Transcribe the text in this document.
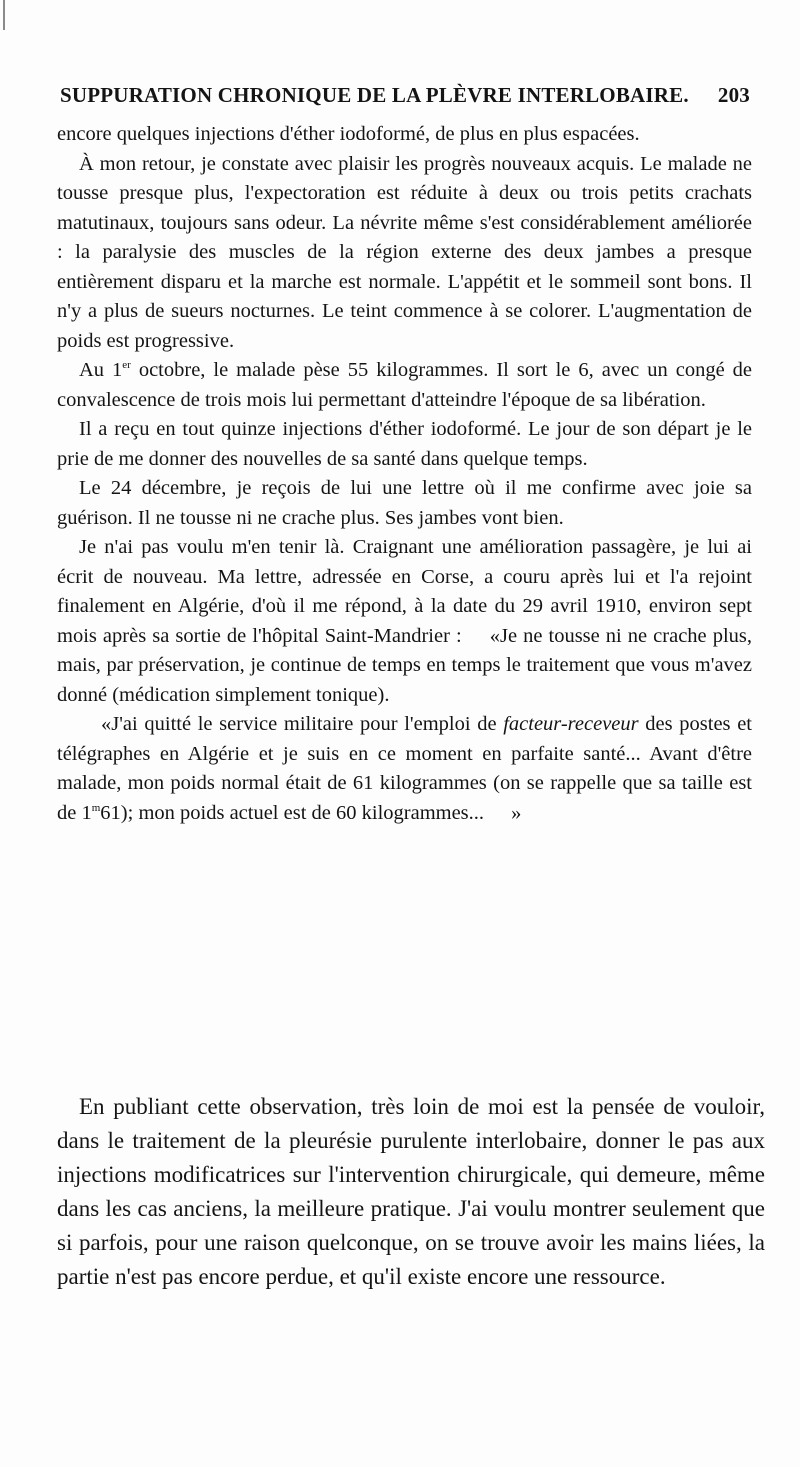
SUPPURATION CHRONIQUE DE LA PLÈVRE INTERLOBAIRE. 203

encore quelques injections d'éther iodoformé, de plus en plus espacées.

À mon retour, je constate avec plaisir les progrès nouveaux acquis. Le malade ne tousse presque plus, l'expectoration est réduite à deux ou trois petits crachats matutinaux, toujours sans odeur. La névrite même s'est considérablement améliorée : la paralysie des muscles de la région externe des deux jambes a presque entièrement disparu et la marche est normale. L'appétit et le sommeil sont bons. Il n'y a plus de sueurs nocturnes. Le teint commence à se colorer. L'augmentation de poids est progressive.

Au 1er octobre, le malade pèse 55 kilogrammes. Il sort le 6, avec un congé de convalescence de trois mois lui permettant d'atteindre l'époque de sa libération.

Il a reçu en tout quinze injections d'éther iodoformé. Le jour de son départ je le prie de me donner des nouvelles de sa santé dans quelque temps.

Le 24 décembre, je reçois de lui une lettre où il me confirme avec joie sa guérison. Il ne tousse ni ne crache plus. Ses jambes vont bien.

Je n'ai pas voulu m'en tenir là. Craignant une amélioration passagère, je lui ai écrit de nouveau. Ma lettre, adressée en Corse, a couru après lui et l'a rejoint finalement en Algérie, d'où il me répond, à la date du 29 avril 1910, environ sept mois après sa sortie de l'hôpital Saint-Mandrier : «Je ne tousse ni ne crache plus, mais, par préservation, je continue de temps en temps le traitement que vous m'avez donné (médication simplement tonique).

«J'ai quitté le service militaire pour l'emploi de facteur-receveur des postes et télégraphes en Algérie et je suis en ce moment en parfaite santé... Avant d'être malade, mon poids normal était de 61 kilogrammes (on se rappelle que sa taille est de 1$^m$61); mon poids actuel est de 60 kilogrammes... »

En publiant cette observation, très loin de moi est la pensée de vouloir, dans le traitement de la pleurésie purulente interlobaire, donner le pas aux injections modificatrices sur l'intervention chirurgicale, qui demeure, même dans les cas anciens, la meilleure pratique. J'ai voulu montrer seulement que si parfois, pour une raison quelconque, on se trouve avoir les mains liées, la partie n'est pas encore perdue, et qu'il existe encore une ressource.
